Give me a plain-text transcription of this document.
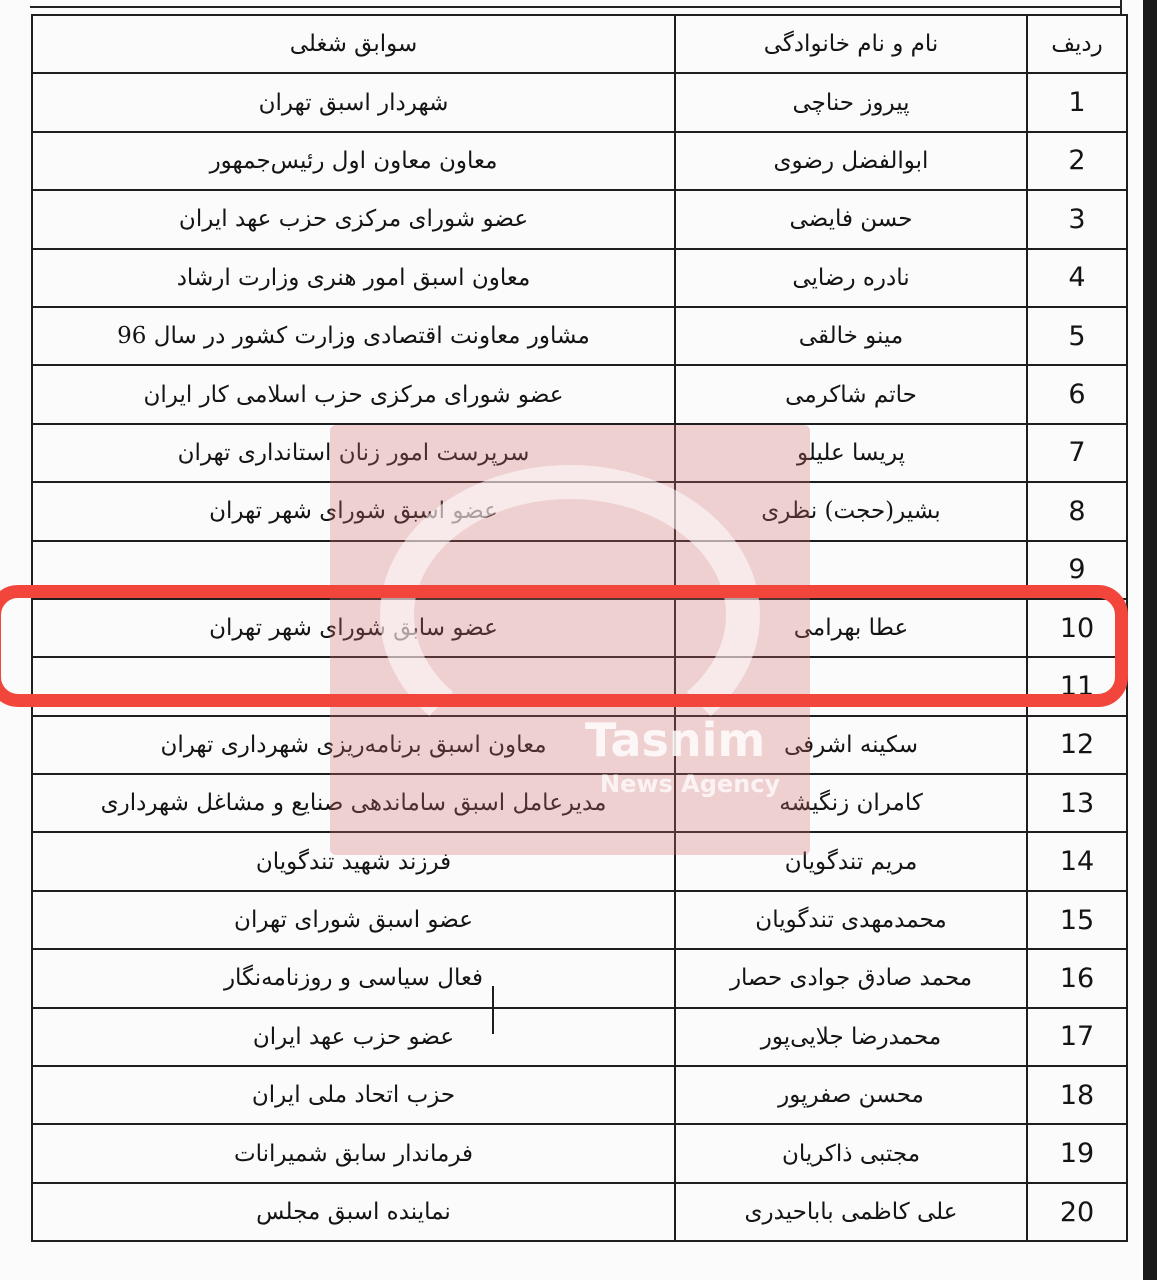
ردیف	نام و نام خانوادگی	سوابق شغلی
1	پیروز حناچی	شهردار اسبق تهران
2	ابوالفضل رضوی	معاون معاون اول رئیس‌جمهور
3	حسن فایضی	عضو شورای مرکزی حزب عهد ایران
4	نادره رضایی	معاون اسبق امور هنری وزارت ارشاد
5	مینو خالقی	مشاور معاونت اقتصادی وزارت کشور در سال 96
6	حاتم شاکرمی	عضو شورای مرکزی حزب اسلامی کار ایران
7	پریسا علیلو	سرپرست امور زنان استانداری تهران
8	بشیر(حجت) نظری	عضو اسبق شورای شهر تهران
9		
10	عطا بهرامی	عضو سابق شورای شهر تهران
11		
12	سکینه اشرفی	معاون اسبق برنامه‌ریزی شهرداری تهران
13	کامران زنگیشه	مدیرعامل اسبق ساماندهی صنایع و مشاغل شهرداری
14	مریم تندگویان	فرزند شهید تندگویان
15	محمدمهدی تندگویان	عضو اسبق شورای تهران
16	محمد صادق جوادی حصار	فعال سیاسی و روزنامه‌نگار
17	محمدرضا جلایی‌پور	عضو حزب عهد ایران
18	محسن صفرپور	حزب اتحاد ملی ایران
19	مجتبی ذاکریان	فرماندار سابق شمیرانات
20	علی کاظمی باباحیدری	نماینده اسبق مجلس
Tasnim
News Agency
